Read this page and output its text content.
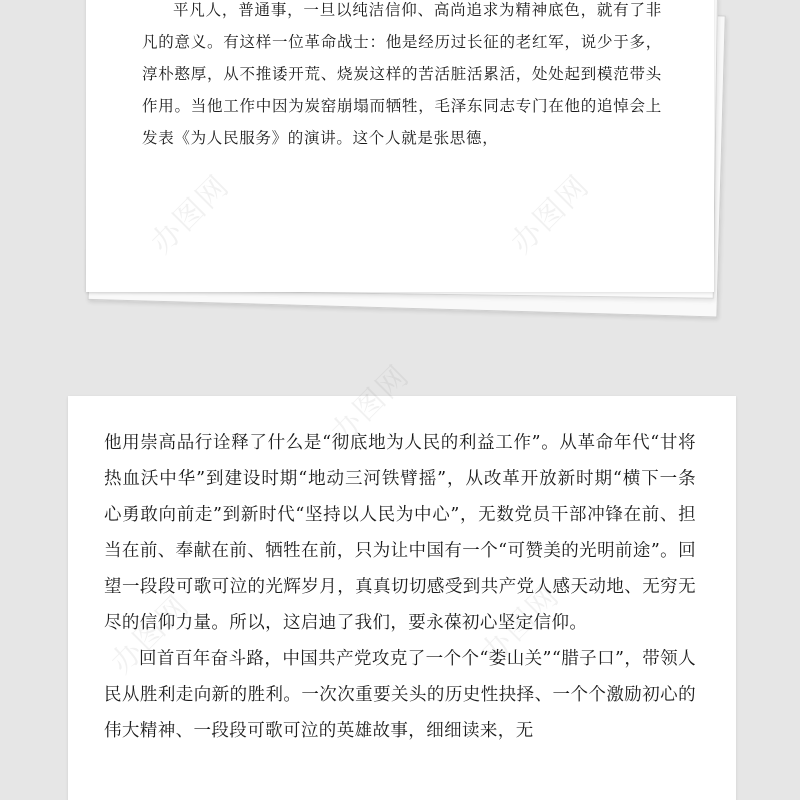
平凡人，普通事，一旦以纯洁信仰、高尚追求为精神底色，就有了非凡的意义。有这样一位革命战士：他是经历过长征的老红军，说少于多，淳朴憨厚，从不推诿开荒、烧炭这样的苦活脏活累活，处处起到模范带头作用。当他工作中因为炭窑崩塌而牺牲，毛泽东同志专门在他的追悼会上发表《为人民服务》的演讲。这个人就是张思德，

他用崇高品行诠释了什么是“彻底地为人民的利益工作”。从革命年代“甘将热血沃中华”到建设时期“地动三河铁臂摇”，从改革开放新时期“横下一条心勇敢向前走”到新时代“坚持以人民为中心”，无数党员干部冲锋在前、担当在前、奉献在前、牺牲在前，只为让中国有一个“可赞美的光明前途”。回望一段段可歌可泣的光辉岁月，真真切切感受到共产党人感天动地、无穷无尽的信仰力量。所以，这启迪了我们，要永葆初心坚定信仰。

回首百年奋斗路，中国共产党攻克了一个个“娄山关”“腊子口”，带领人民从胜利走向新的胜利。一次次重要关头的历史性抉择、一个个激励初心的伟大精神、一段段可歌可泣的英雄故事，细细读来，无
